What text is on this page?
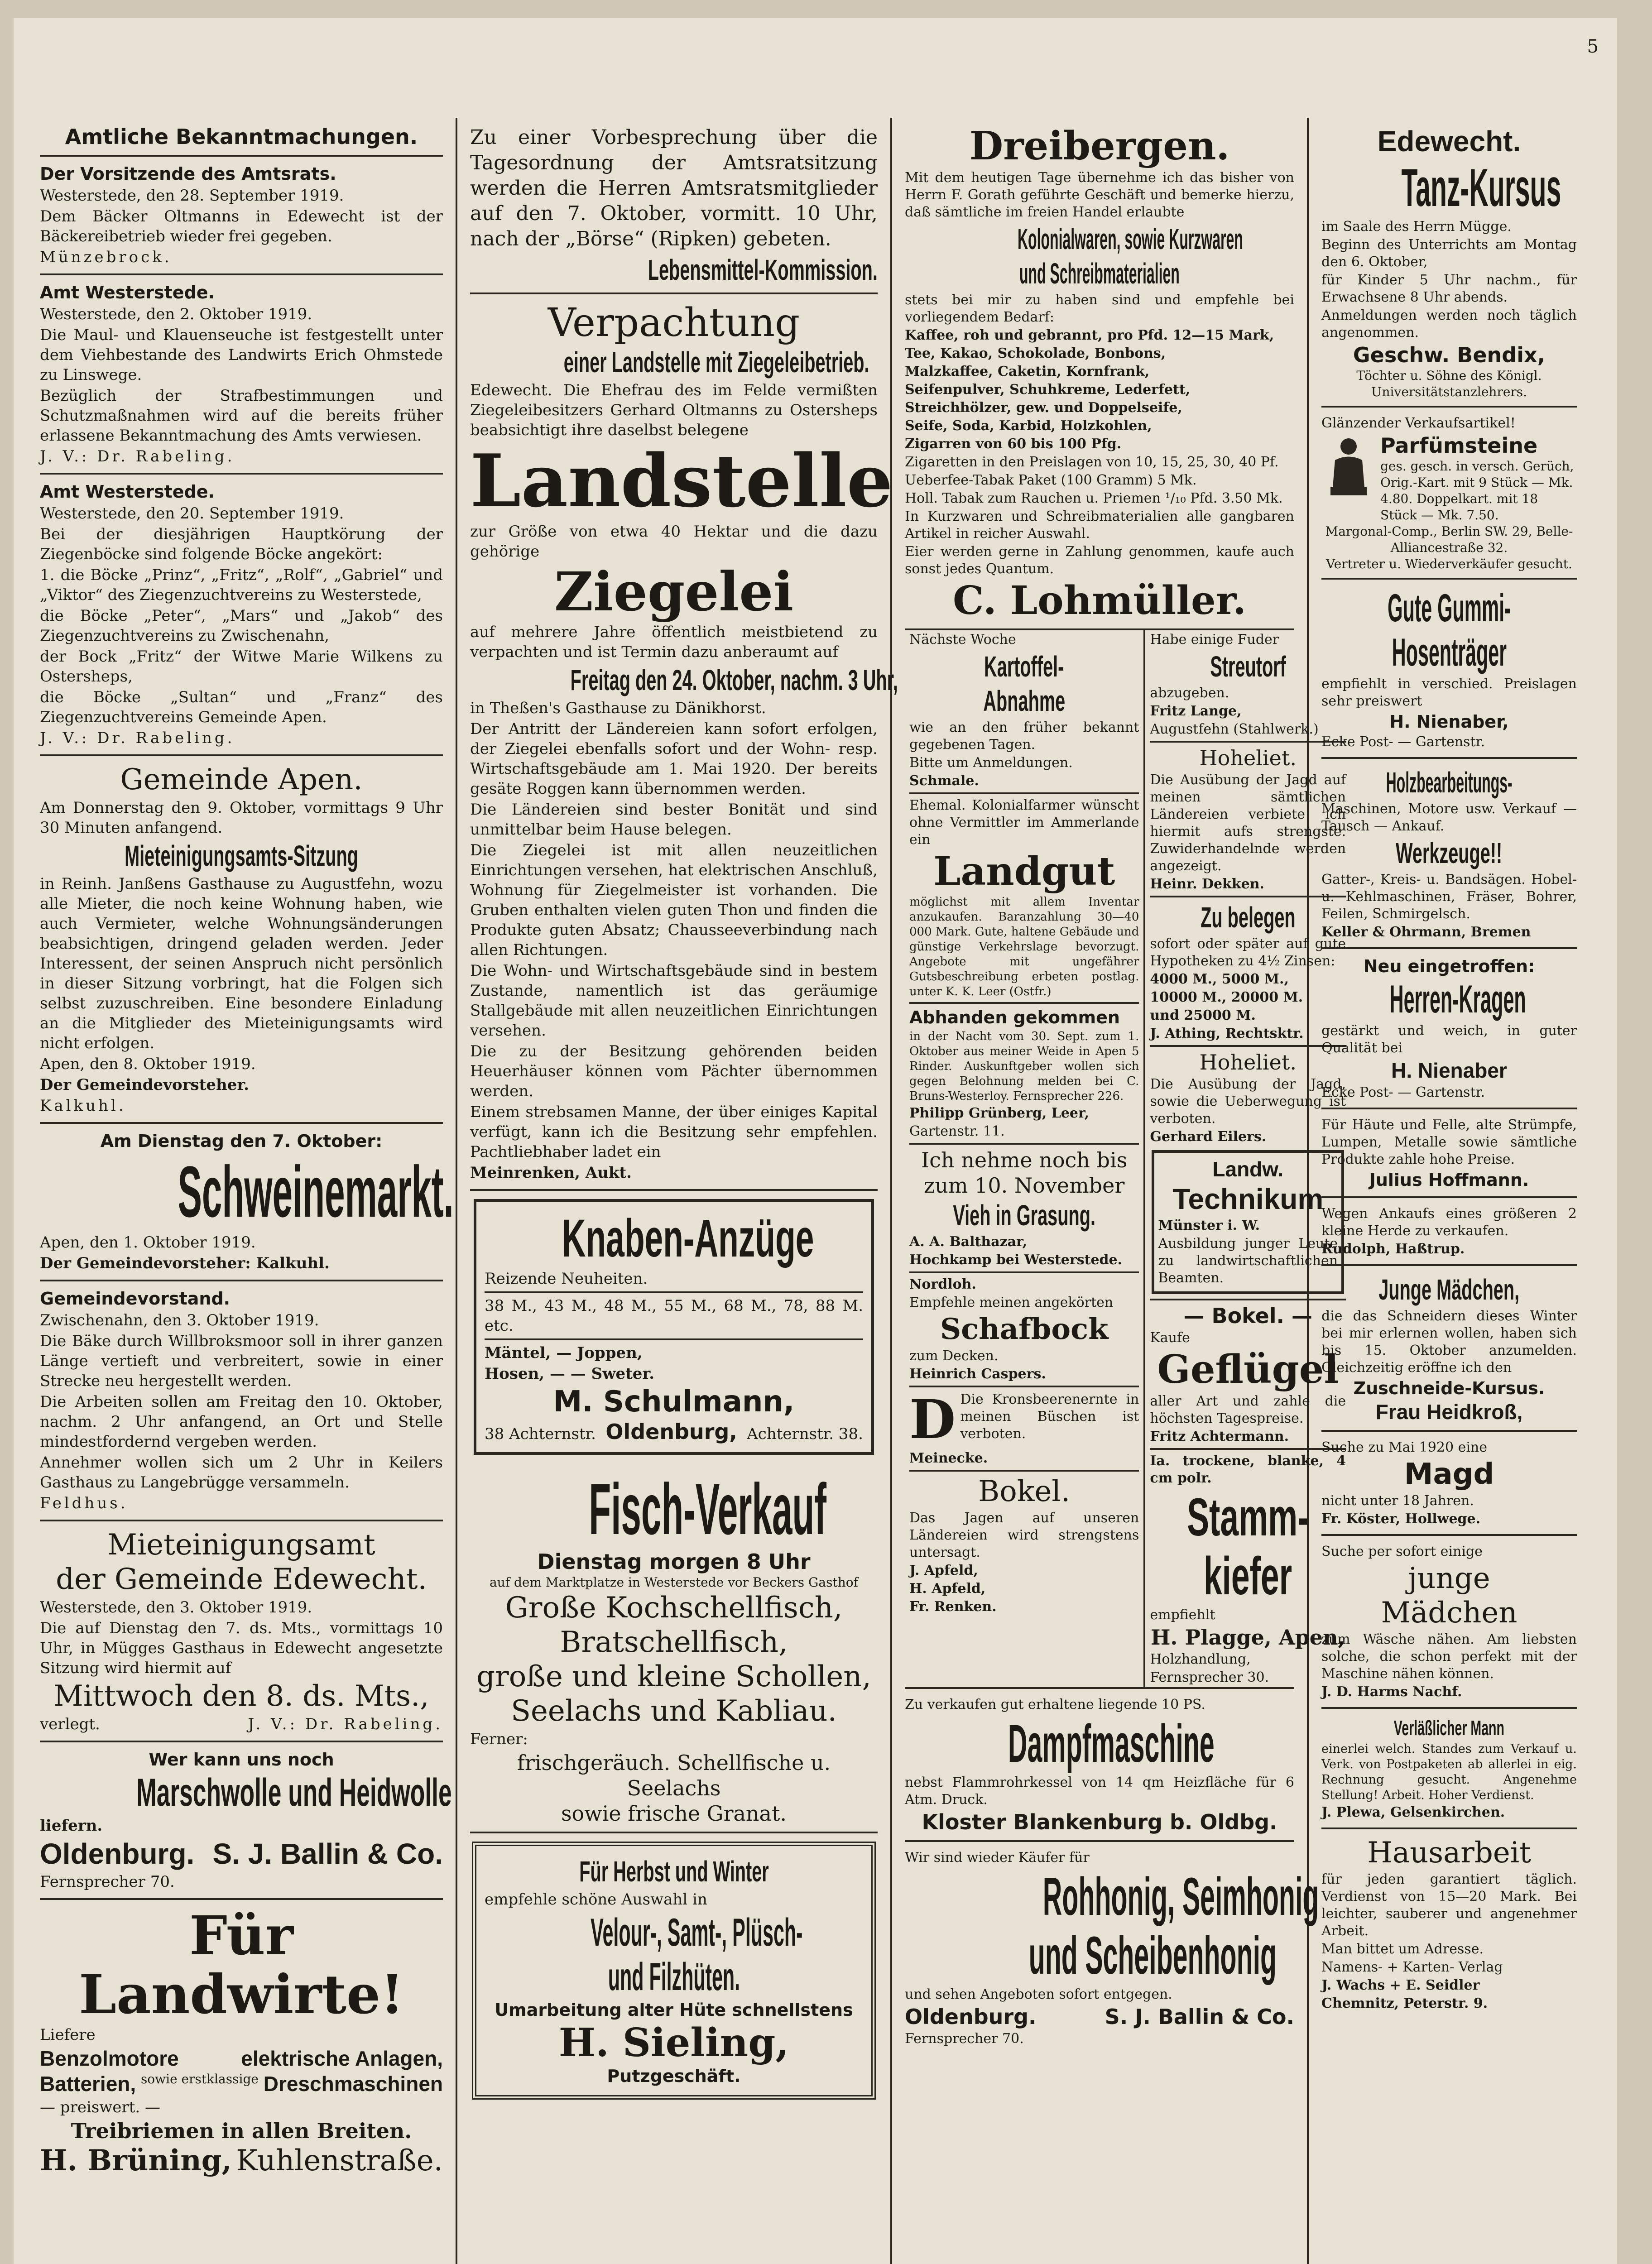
Amtliche Bekanntmachungen.
Der Vorsitzende des Amtsrats.
Westerstede, den 28. September 1919.
Dem Bäcker Oltmanns in Edewecht ist der Bäckereibetrieb wieder frei gegeben.
Münzebrock.
Amt Westerstede.
Westerstede, den 2. Oktober 1919.
Die Maul- und Klauenseuche ist festgestellt unter dem Viehbestande des Landwirts Erich Ohmstede zu Linswege.
Bezüglich der Strafbestimmungen und Schutzmaßnahmen wird auf die bereits früher erlassene Bekanntmachung des Amts verwiesen.
J. V.: Dr. Rabeling.
Amt Westerstede.
Westerstede, den 20. September 1919.
Bei der diesjährigen Hauptkörung der Ziegenböcke sind folgende Böcke angekört:
1. die Böcke „Prinz“, „Fritz“, „Rolf“, „Gabriel“ und „Viktor“ des Ziegenzuchtvereins zu Westerstede,
die Böcke „Peter“, „Mars“ und „Jakob“ des Ziegenzuchtvereins zu Zwischenahn,
der Bock „Fritz“ der Witwe Marie Wilkens zu Ostersheps,
die Böcke „Sultan“ und „Franz“ des Ziegenzuchtvereins Gemeinde Apen.
J. V.: Dr. Rabeling.
Gemeinde Apen.
Am Donnerstag den 9. Oktober, vormittags 9 Uhr 30 Minuten anfangend.
Mieteinigungsamts-Sitzung
in Reinh. Janßens Gasthause zu Augustfehn, wozu alle Mieter, die noch keine Wohnung haben, wie auch Vermieter, welche Wohnungsänderungen beabsichtigen, dringend geladen werden. Jeder Interessent, der seinen Anspruch nicht persönlich in dieser Sitzung vorbringt, hat die Folgen sich selbst zuzuschreiben. Eine besondere Einladung an die Mitglieder des Mieteinigungsamts wird nicht erfolgen.
Apen, den 8. Oktober 1919.
Der Gemeindevorsteher.
Kalkuhl.
Am Dienstag den 7. Oktober:
Schweinemarkt.
Apen, den 1. Oktober 1919.
Der Gemeindevorsteher: Kalkuhl.
Gemeindevorstand.
Zwischenahn, den 3. Oktober 1919.
Die Bäke durch Willbroksmoor soll in ihrer ganzen Länge vertieft und verbreitert, sowie in einer Strecke neu hergestellt werden.
Die Arbeiten sollen am Freitag den 10. Oktober, nachm. 2 Uhr anfangend, an Ort und Stelle mindestfordernd vergeben werden.
Annehmer wollen sich um 2 Uhr in Keilers Gasthaus zu Langebrügge versammeln.
Feldhus.
Mieteinigungsamt
der Gemeinde Edewecht.
Westerstede, den 3. Oktober 1919.
Die auf Dienstag den 7. ds. Mts., vormittags 10 Uhr, in Mügges Gasthaus in Edewecht angesetzte Sitzung wird hiermit auf
Mittwoch den 8. ds. Mts.,
verlegt.	J. V.: Dr. Rabeling.
Wer kann uns noch
Marschwolle und Heidwolle
liefern.
Oldenburg. S. J. Ballin & Co.
Fernsprecher 70.
Für Landwirte!
Liefere
Benzolmotore	elektrische Anlagen,
Batterien, sowie erstklassige Dreschmaschinen
— preiswert. —
Treibriemen in allen Breiten.
H. Brüning, Kuhlenstraße.
Zu einer Vorbesprechung über die Tagesordnung der Amtsratsitzung werden die Herren Amtsratsmitglieder auf den 7. Oktober, vormitt. 10 Uhr, nach der „Börse“ (Ripken) gebeten.
Lebensmittel-Kommission.
Verpachtung
einer Landstelle mit Ziegeleibetrieb.
Edewecht. Die Ehefrau des im Felde vermißten Ziegeleibesitzers Gerhard Oltmanns zu Ostersheps beabsichtigt ihre daselbst belegene
Landstelle
zur Größe von etwa 40 Hektar und die dazu gehörige
Ziegelei
auf mehrere Jahre öffentlich meistbietend zu verpachten und ist Termin dazu anberaumt auf
Freitag den 24. Oktober, nachm. 3 Uhr,
in Theßen's Gasthause zu Dänikhorst.
Der Antritt der Ländereien kann sofort erfolgen, der Ziegelei ebenfalls sofort und der Wohn- resp. Wirtschaftsgebäude am 1. Mai 1920. Der bereits gesäte Roggen kann übernommen werden.
Die Ländereien sind bester Bonität und sind unmittelbar beim Hause belegen.
Die Ziegelei ist mit allen neuzeitlichen Einrichtungen versehen, hat elektrischen Anschluß, Wohnung für Ziegelmeister ist vorhanden. Die Gruben enthalten vielen guten Thon und finden die Produkte guten Absatz; Chausseeverbindung nach allen Richtungen.
Die Wohn- und Wirtschaftsgebäude sind in bestem Zustande, namentlich ist das geräumige Stallgebäude mit allen neuzeitlichen Einrichtungen versehen.
Die zu der Besitzung gehörenden beiden Heuerhäuser können vom Pächter übernommen werden.
Einem strebsamen Manne, der über einiges Kapital verfügt, kann ich die Besitzung sehr empfehlen. Pachtliebhaber ladet ein
Meinrenken, Aukt.
Knaben-Anzüge
Reizende Neuheiten.
38 M., 43 M., 48 M., 55 M., 68 M., 78, 88 M. etc.
Mäntel, — Joppen,
Hosen, — — Sweter.
M. Schulmann,
38 Achternstr. Oldenburg, Achternstr. 38.
Fisch-Verkauf
Dienstag morgen 8 Uhr
auf dem Marktplatze in Westerstede vor Beckers Gasthof
Große Kochschellfisch, Bratschellfisch,
große und kleine Schollen,
Seelachs und Kabliau.
Ferner:
frischgeräuch. Schellfische u. Seelachs
sowie frische Granat.
Für Herbst und Winter
empfehle schöne Auswahl in
Velour-, Samt-, Plüsch-
und Filzhüten.
Umarbeitung alter Hüte schnellstens
H. Sieling,
Putzgeschäft.
Dreibergen.
Mit dem heutigen Tage übernehme ich das bisher von Herrn F. Gorath geführte Geschäft und bemerke hierzu, daß sämtliche im freien Handel erlaubte
Kolonialwaren, sowie Kurzwaren
und Schreibmaterialien
stets bei mir zu haben sind und empfehle bei vorliegendem Bedarf:
Kaffee, roh und gebrannt, pro Pfd. 12—15 Mark,
Tee, Kakao, Schokolade, Bonbons,
Malzkaffee, Caketin, Kornfrank,
Seifenpulver, Schuhkreme, Lederfett,
Streichhölzer, gew. und Doppelseife,
Seife, Soda, Karbid, Holzkohlen,
Zigarren von 60 bis 100 Pfg.
Zigaretten in den Preislagen von 10, 15, 25, 30, 40 Pf.
Ueberfee-Tabak Paket (100 Gramm) 5 Mk.
Holl. Tabak zum Rauchen u. Priemen ¹/₁₀ Pfd. 3.50 Mk.
In Kurzwaren und Schreibmaterialien alle gangbaren Artikel in reicher Auswahl.
Eier werden gerne in Zahlung genommen, kaufe auch sonst jedes Quantum.
C. Lohmüller.
Nächste Woche
Kartoffel-
Abnahme
wie an den früher bekannt gegebenen Tagen.
Bitte um Anmeldungen.
Schmale.
Ehemal. Kolonialfarmer wünscht ohne Vermittler im Ammerlande ein
Landgut
möglichst mit allem Inventar anzukaufen. Baranzahlung 30—40 000 Mark. Gute, haltene Gebäude und günstige Verkehrslage bevorzugt. Angebote mit ungefährer Gutsbeschreibung erbeten postlag. unter K. K. Leer (Ostfr.)
Abhanden gekommen
in der Nacht vom 30. Sept. zum 1. Oktober aus meiner Weide in Apen 5 Rinder. Auskunftgeber wollen sich gegen Belohnung melden bei C. Bruns-Westerloy. Fernsprecher 226.
Philipp Grünberg, Leer,
Gartenstr. 11.
Ich nehme noch bis zum 10. November
Vieh in Grasung.
A. A. Balthazar,
Hochkamp bei Westerstede.
Nordloh.
Empfehle meinen angekörten
Schafbock
zum Decken.
Heinrich Caspers.
D Die Kronsbeerenernte in meinen Büschen ist verboten.
Meinecke.
Bokel.
Das Jagen auf unseren Ländereien wird strengstens untersagt.
J. Apfeld,
H. Apfeld,
Fr. Renken.
Habe einige Fuder
Streutorf
abzugeben.
Fritz Lange,
Augustfehn (Stahlwerk.)
Hoheliet.
Die Ausübung der Jagd auf meinen sämtlichen Ländereien verbiete ich hiermit aufs strengste. Zuwiderhandelnde werden angezeigt.
Heinr. Dekken.
Zu belegen
sofort oder später auf gute Hypotheken zu 4½ Zinsen:
4000 M., 5000 M.,
10000 M., 20000 M.
und 25000 M.
J. Athing, Rechtsktr.
Hoheliet.
Die Ausübung der Jagd, sowie die Ueberwegung ist verboten.
Gerhard Eilers.
Landw.
Technikum
Münster i. W.
Ausbildung junger Leute zu landwirtschaftlichen Beamten.
— Bokel. —
Kaufe
Geflügel
aller Art und zahle die höchsten Tagespreise.
Fritz Achtermann.
Ia. trockene, blanke, 4 cm polr.
Stamm-
kiefer
empfiehlt
H. Plagge, Apen,
Holzhandlung,
Fernsprecher 30.
Zu verkaufen gut erhaltene liegende 10 PS.
Dampfmaschine
nebst Flammrohrkessel von 14 qm Heizfläche für 6 Atm. Druck.
Kloster Blankenburg b. Oldbg.
Wir sind wieder Käufer für
Rohhonig, Seimhonig
und Scheibenhonig
und sehen Angeboten sofort entgegen.
Oldenburg.	S. J. Ballin & Co.
Fernsprecher 70.
Edewecht.
Tanz-Kursus
im Saale des Herrn Mügge.
Beginn des Unterrichts am Montag den 6. Oktober,
für Kinder 5 Uhr nachm., für Erwachsene 8 Uhr abends.
Anmeldungen werden noch täglich angenommen.
Geschw. Bendix,
Töchter u. Söhne des Königl. Universitätstanzlehrers.
Glänzender Verkaufsartikel!
Parfümsteine
ges. gesch. in versch. Gerüch, Orig.-Kart. mit 9 Stück — Mk. 4.80. Doppelkart. mit 18 Stück — Mk. 7.50.
Margonal-Comp., Berlin SW. 29, Belle-Alliancestraße 32.
Vertreter u. Wiederverkäufer gesucht.
Gute Gummi-
Hosenträger
empfiehlt in verschied. Preislagen sehr preiswert
H. Nienaber,
Ecke Post- — Gartenstr.
Holzbearbeitungs-
Maschinen, Motore usw. Verkauf — Tausch — Ankauf.
Werkzeuge!!
Gatter-, Kreis- u. Bandsägen. Hobel- u. Kehlmaschinen, Fräser, Bohrer, Feilen, Schmirgelsch.
Keller & Ohrmann, Bremen
Neu eingetroffen:
Herren-Kragen
gestärkt und weich, in guter Qualität bei
H. Nienaber
Ecke Post- — Gartenstr.
Für Häute und Felle, alte Strümpfe, Lumpen, Metalle sowie sämtliche Produkte zahle hohe Preise.
Julius Hoffmann.
Wegen Ankaufs eines größeren 2 kleine Herde zu verkaufen.
Rudolph, Haßtrup.
Junge Mädchen,
die das Schneidern dieses Winter bei mir erlernen wollen, haben sich bis 15. Oktober anzumelden. Gleichzeitig eröffne ich den
Zuschneide-Kursus.
Frau Heidkroß,
Suche zu Mai 1920 eine
Magd
nicht unter 18 Jahren.
Fr. Köster, Hollwege.
Suche per sofort einige
junge
Mädchen
zum Wäsche nähen. Am liebsten solche, die schon perfekt mit der Maschine nähen können.
J. D. Harms Nachf.
Verläßlicher Mann
einerlei welch. Standes zum Verkauf u. Verk. von Postpaketen ab allerlei in eig. Rechnung gesucht. Angenehme Stellung! Arbeit. Hoher Verdienst.
J. Plewa, Gelsenkirchen.
Hausarbeit
für jeden garantiert täglich. Verdienst von 15—20 Mark. Bei leichter, sauberer und angenehmer Arbeit.
Man bittet um Adresse.
Namens- + Karten- Verlag
J. Wachs + E. Seidler
Chemnitz, Peterstr. 9.
5
